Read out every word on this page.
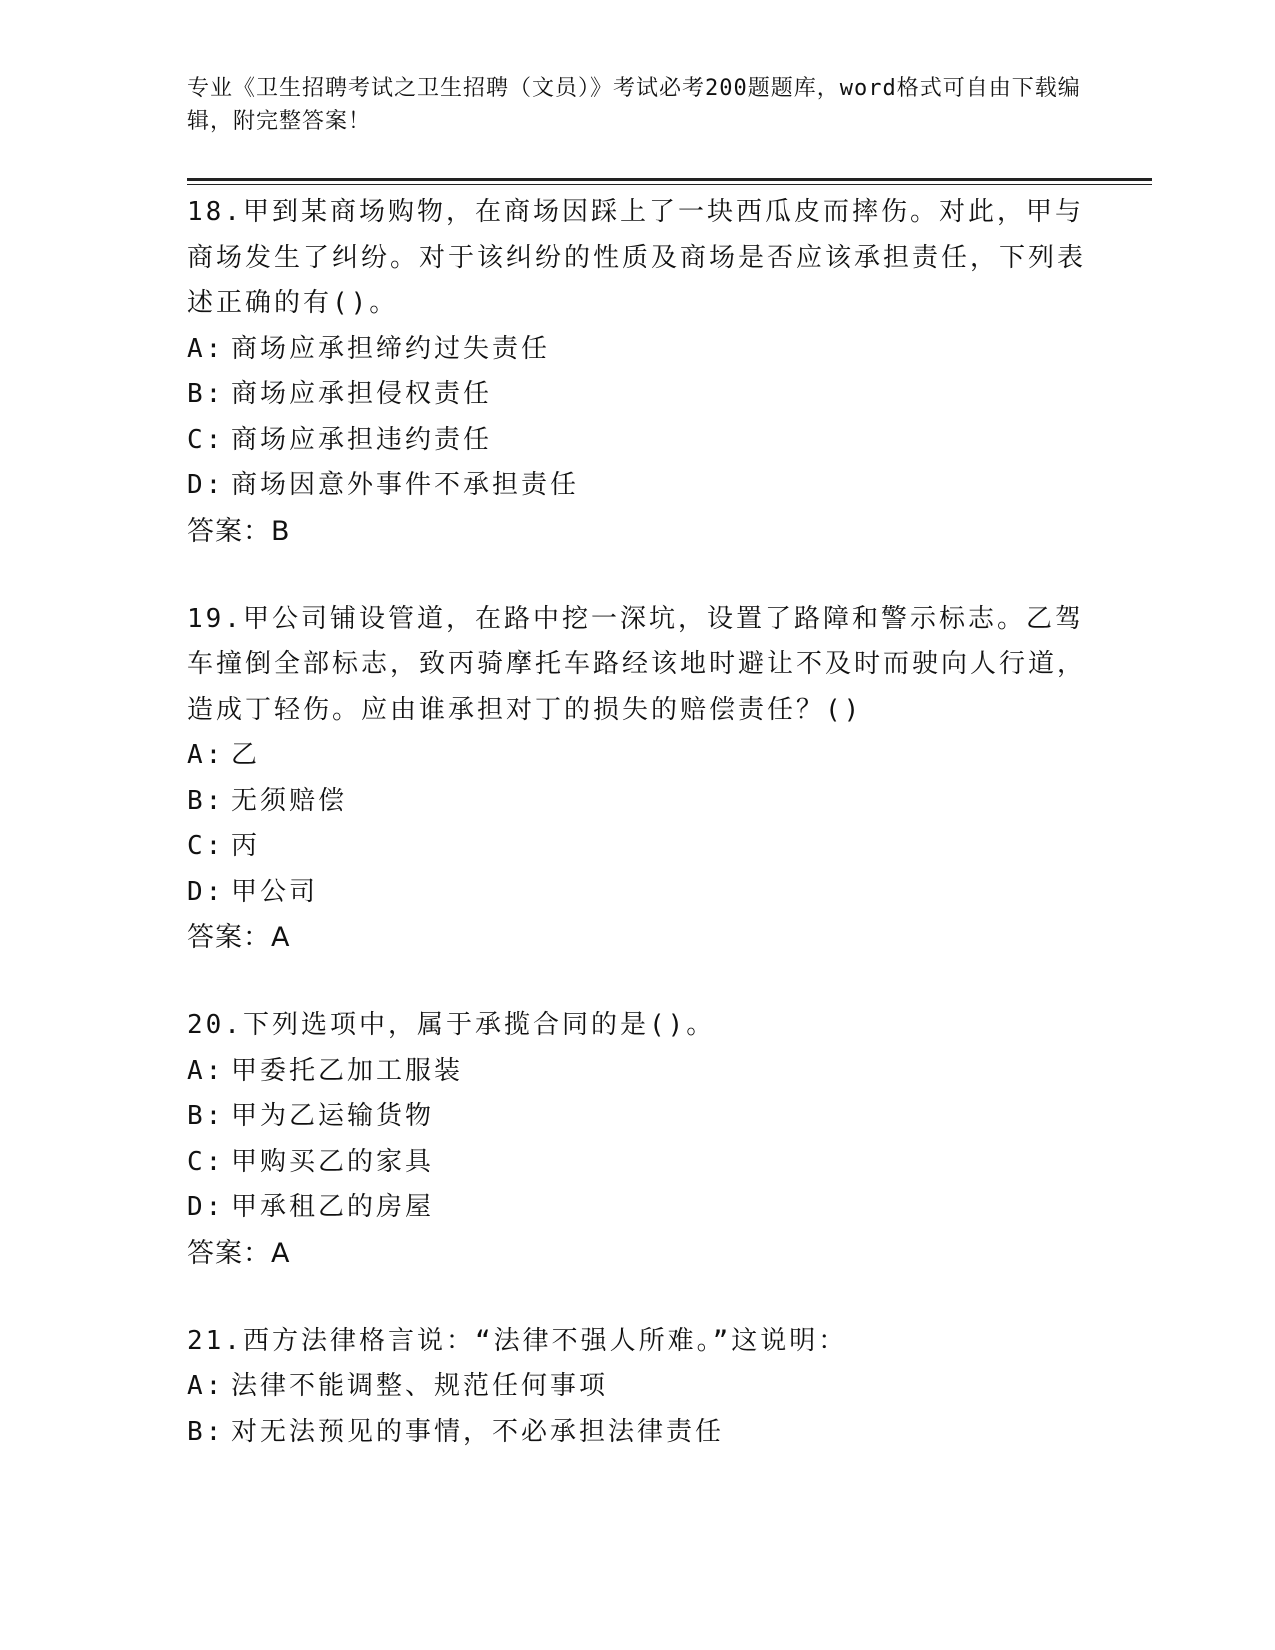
专业《卫生招聘考试之卫生招聘（文员）》考试必考200题题库，word格式可自由下载编辑，附完整答案！
18.甲到某商场购物，在商场因踩上了一块西瓜皮而摔伤。对此，甲与商场发生了纠纷。对于该纠纷的性质及商场是否应该承担责任，下列表述正确的有()。
A: 商场应承担缔约过失责任
B: 商场应承担侵权责任
C: 商场应承担违约责任
D: 商场因意外事件不承担责任
答案：B
19.甲公司铺设管道，在路中挖一深坑，设置了路障和警示标志。乙驾车撞倒全部标志，致丙骑摩托车路经该地时避让不及时而驶向人行道，造成丁轻伤。应由谁承担对丁的损失的赔偿责任？()
A: 乙
B: 无须赔偿
C: 丙
D: 甲公司
答案：A
20.下列选项中，属于承揽合同的是()。
A: 甲委托乙加工服装
B: 甲为乙运输货物
C: 甲购买乙的家具
D: 甲承租乙的房屋
答案：A
21.西方法律格言说：“法律不强人所难。”这说明：
A: 法律不能调整、规范任何事项
B: 对无法预见的事情，不必承担法律责任
